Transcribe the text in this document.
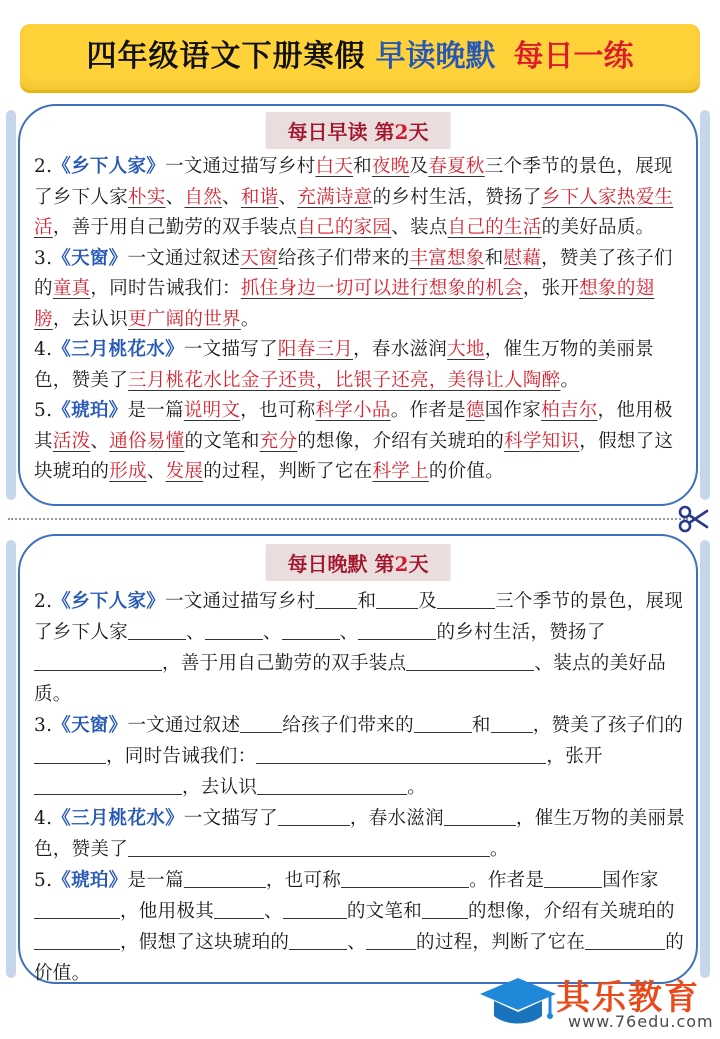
四年级语文下册寒假 早读晚默 每日一练
每日早读 第2天

2.《乡下人家》一文通过描写乡村白天和夜晚及春夏秋三个季节的景色，展现了乡下人家朴实、自然、和谐、充满诗意的乡村生活，赞扬了乡下人家热爱生活，善于用自己勤劳的双手装点自己的家园、装点自己的生活的美好品质。

3.《天窗》一文通过叙述天窗给孩子们带来的丰富想象和慰藉，赞美了孩子们的童真，同时告诫我们：抓住身边一切可以进行想象的机会，张开想象的翅膀，去认识更广阔的世界。

4.《三月桃花水》一文描写了阳春三月，春水滋润大地，催生万物的美丽景色，赞美了三月桃花水比金子还贵，比银子还亮，美得让人陶醉。

5.《琥珀》是一篇说明文，也可称科学小品。作者是德国作家柏吉尔，他用极其活泼、通俗易懂的文笔和充分的想像，介绍有关琥珀的科学知识，假想了这块琥珀的形成、发展的过程，判断了它在科学上的价值。

每日晚默 第2天

2.《乡下人家》一文通过描写乡村 和 及	三个季节的景色，展现了乡下人家	、	、	、	的乡村生活，赞扬了，善于用自己勤劳的双手装点	、装点的美好品质。

3.《天窗》一文通过叙述 给孩子们带来的	和 ，赞美了孩子们的，同时告诫我们：	，张开，去认识	。

4.《三月桃花水》一文描写了	，春水滋润	，催生万物的美丽景色，赞美了	。

5.《琥珀》是一篇	，也可称	。作者是	国作家，他用极其	、	的文笔和 的想像，介绍有关琥珀的，假想了这块琥珀的	、	的过程，判断了它在	的价值。

其乐教育
www.76edu.com
